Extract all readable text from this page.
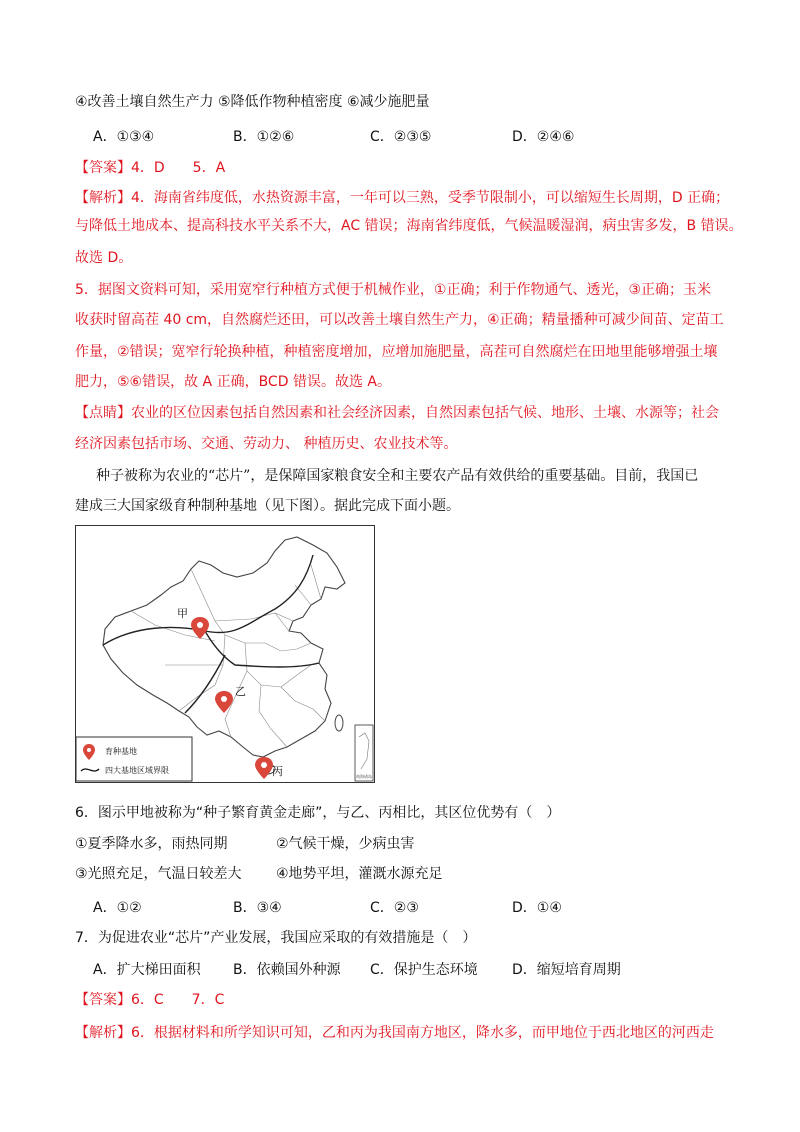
④改善土壤自然生产力 ⑤降低作物种植密度 ⑥减少施肥量
A．①③④	B．①②⑥	C．②③⑤	D．②④⑥
【答案】4．D　　5．A
【解析】4．海南省纬度低，水热资源丰富，一年可以三熟，受季节限制小，可以缩短生长周期，D 正确；
与降低土地成本、提高科技水平关系不大，AC 错误；海南省纬度低，气候温暖湿润，病虫害多发，B 错误。
故选 D。
5．据图文资料可知，采用宽窄行种植方式便于机械作业，①正确；利于作物通气、透光，③正确；玉米
收获时留高茬 40 cm，自然腐烂还田，可以改善土壤自然生产力，④正确；精量播种可减少间苗、定苗工
作量，②错误；宽窄行轮换种植，种植密度增加，应增加施肥量，高茬可自然腐烂在田地里能够增强土壤
肥力，⑤⑥错误，故 A 正确，BCD 错误。故选 A。
【点睛】农业的区位因素包括自然因素和社会经济因素，自然因素包括气候、地形、土壤、水源等；社会
经济因素包括市场、交通、劳动力、 种植历史、农业技术等。
种子被称为农业的“芯片”，是保障国家粮食安全和主要农产品有效供给的重要基础。目前，我国已
建成三大国家级育种制种基地（见下图）。据此完成下面小题。
南海诸岛
甲
乙
丙
育种基地
四大基地区域界限
6．图示甲地被称为“种子繁育黄金走廊”，与乙、丙相比，其区位优势有（　）
①夏季降水多，雨热同期	②气候干燥，少病虫害
③光照充足，气温日较差大 ④地势平坦，灌溉水源充足
A．①②	B．③④	C．②③	D．①④
7．为促进农业“芯片”产业发展，我国应采取的有效措施是（　）
A．扩大梯田面积 B．依赖国外种源 C．保护生态环境 D．缩短培育周期
【答案】6．C　　7．C
【解析】6．根据材料和所学知识可知，乙和丙为我国南方地区，降水多，而甲地位于西北地区的河西走
